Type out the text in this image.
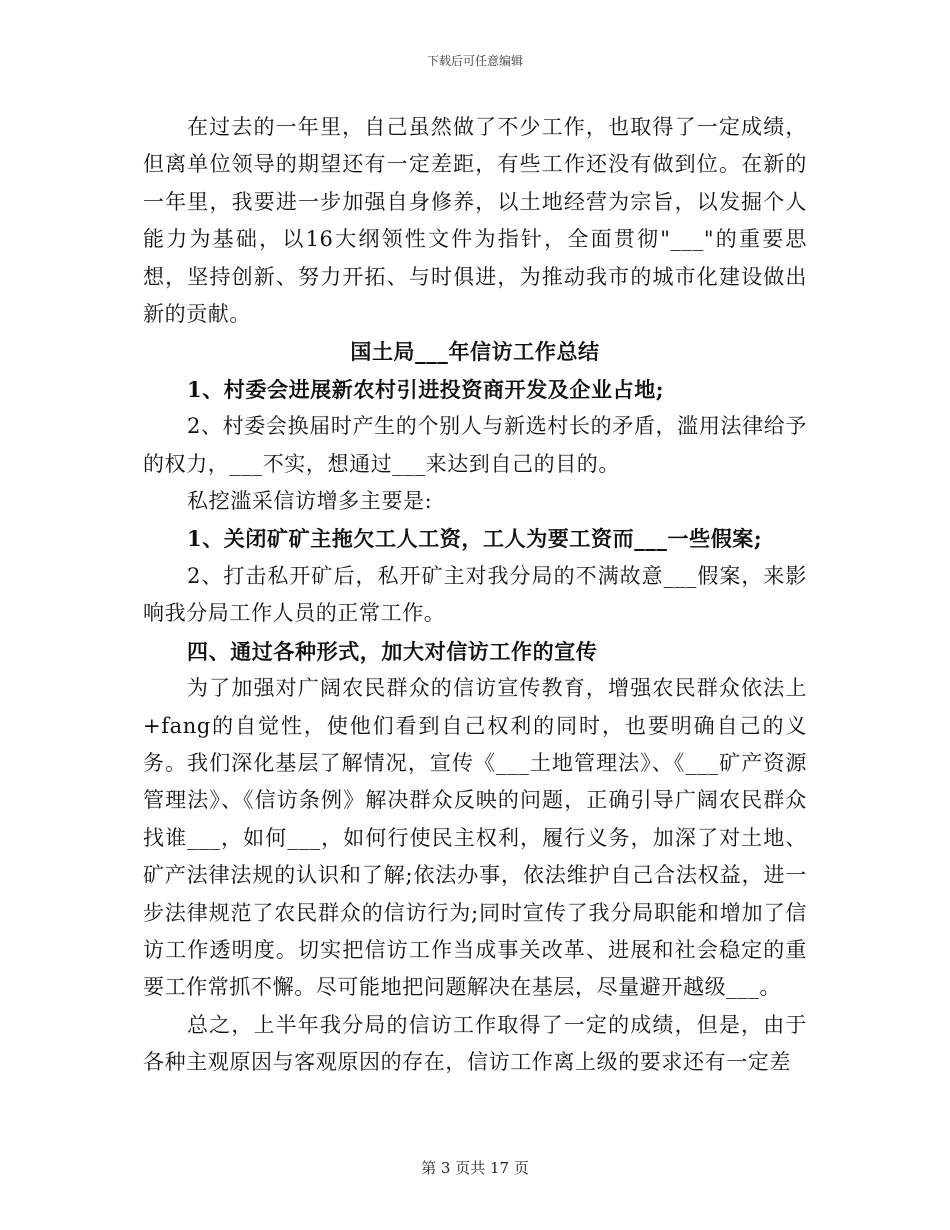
下载后可任意编辑

在过去的一年里，自己虽然做了不少工作，也取得了一定成绩，但离单位领导的期望还有一定差距，有些工作还没有做到位。在新的一年里，我要进一步加强自身修养，以土地经营为宗旨，以发掘个人能力为基础，以16大纲领性文件为指针，全面贯彻"___"的重要思想，坚持创新、努力开拓、与时俱进，为推动我市的城市化建设做出新的贡献。

国土局___年信访工作总结

1、村委会进展新农村引进投资商开发及企业占地;

2、村委会换届时产生的个别人与新选村长的矛盾，滥用法律给予的权力，___不实，想通过___来达到自己的目的。

私挖滥采信访增多主要是:

1、关闭矿矿主拖欠工人工资，工人为要工资而___一些假案;

2、打击私开矿后，私开矿主对我分局的不满故意___假案，来影响我分局工作人员的正常工作。

四、通过各种形式，加大对信访工作的宣传

为了加强对广阔农民群众的信访宣传教育，增强农民群众依法上+fang的自觉性，使他们看到自己权利的同时，也要明确自己的义务。我们深化基层了解情况，宣传《___土地管理法》、《___矿产资源管理法》、《信访条例》解决群众反映的问题，正确引导广阔农民群众找谁___，如何___，如何行使民主权利，履行义务，加深了对土地、矿产法律法规的认识和了解;依法办事，依法维护自己合法权益，进一步法律规范了农民群众的信访行为;同时宣传了我分局职能和增加了信访工作透明度。切实把信访工作当成事关改革、进展和社会稳定的重要工作常抓不懈。尽可能地把问题解决在基层，尽量避开越级___。

总之，上半年我分局的信访工作取得了一定的成绩，但是，由于各种主观原因与客观原因的存在，信访工作离上级的要求还有一定差

第 3 页共 17 页
